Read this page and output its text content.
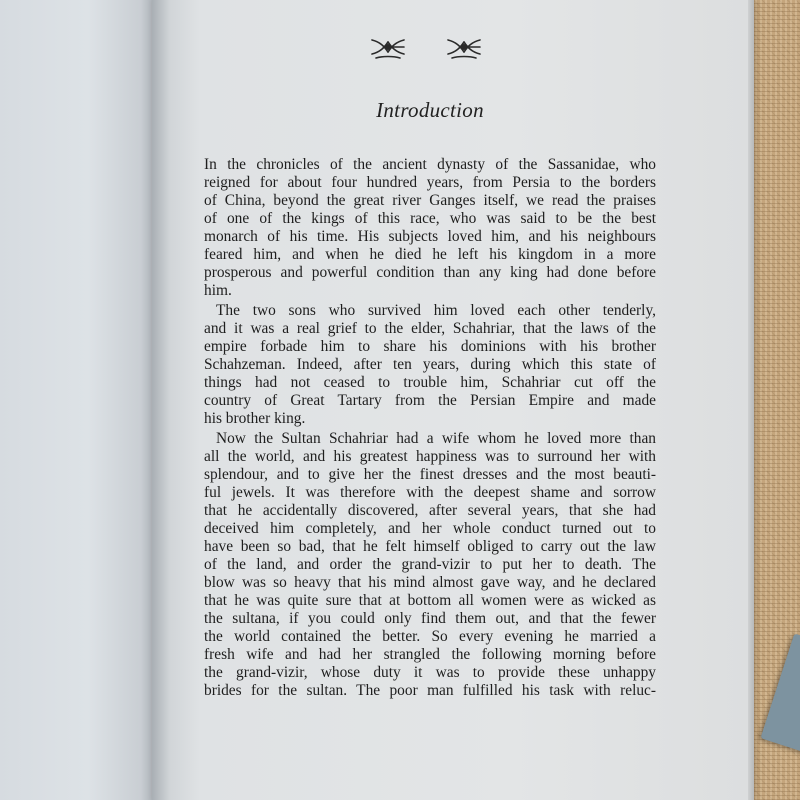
Introduction
In the chronicles of the ancient dynasty of the Sassanidae, who
reigned for about four hundred years, from Persia to the borders
of China, beyond the great river Ganges itself, we read the praises
of one of the kings of this race, who was said to be the best
monarch of his time. His subjects loved him, and his neighbours
feared him, and when he died he left his kingdom in a more
prosperous and powerful condition than any king had done before
him.
The two sons who survived him loved each other tenderly,
and it was a real grief to the elder, Schahriar, that the laws of the
empire forbade him to share his dominions with his brother
Schahzeman. Indeed, after ten years, during which this state of
things had not ceased to trouble him, Schahriar cut off the
country of Great Tartary from the Persian Empire and made
his brother king.
Now the Sultan Schahriar had a wife whom he loved more than
all the world, and his greatest happiness was to surround her with
splendour, and to give her the finest dresses and the most beauti-
ful jewels. It was therefore with the deepest shame and sorrow
that he accidentally discovered, after several years, that she had
deceived him completely, and her whole conduct turned out to
have been so bad, that he felt himself obliged to carry out the law
of the land, and order the grand-vizir to put her to death. The
blow was so heavy that his mind almost gave way, and he declared
that he was quite sure that at bottom all women were as wicked as
the sultana, if you could only find them out, and that the fewer
the world contained the better. So every evening he married a
fresh wife and had her strangled the following morning before
the grand-vizir, whose duty it was to provide these unhappy
brides for the sultan. The poor man fulfilled his task with reluc-
